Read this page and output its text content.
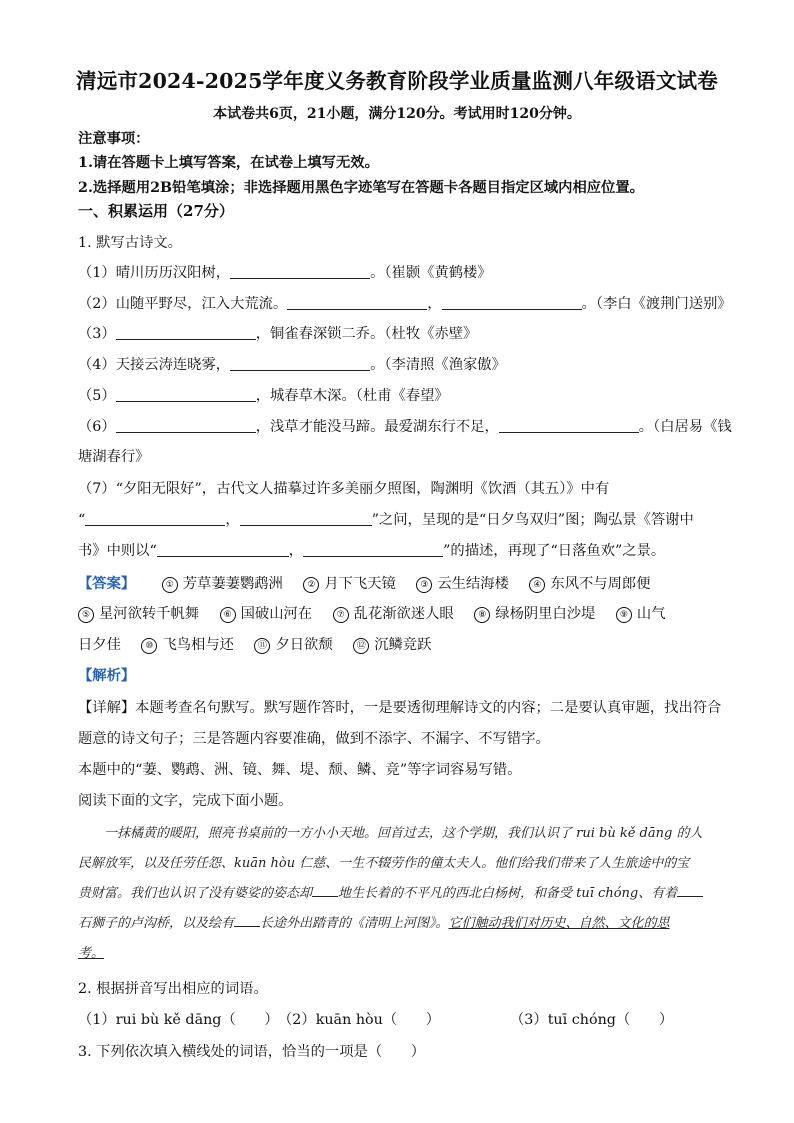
清远市2024-2025学年度义务教育阶段学业质量监测八年级语文试卷
本试卷共6页，21小题，满分120分。考试用时120分钟。
注意事项：
1.请在答题卡上填写答案，在试卷上填写无效。
2.选择题用2B铅笔填涂；非选择题用黑色字迹笔写在答题卡各题目指定区域内相应位置。
一、积累运用（27分）
1. 默写古诗文。
（1）晴川历历汉阳树，	。（崔颢《黄鹤楼》
（2）山随平野尽，江入大荒流。	，	。（李白《渡荆门送别》
（3）	，铜雀春深锁二乔。（杜牧《赤壁》
（4）天接云涛连晓雾，	。（李清照《渔家傲》
（5）	，城春草木深。（杜甫《春望》
（6）	，浅草才能没马蹄。最爱湖东行不足，	。（白居易《钱
塘湖春行》
（7）“夕阳无限好”，古代文人描摹过许多美丽夕照图，陶渊明《饮酒（其五）》中有
“	，	”之问，呈现的是“日夕鸟双归”图；陶弘景《答谢中
书》中则以“	，	”的描述，再现了“日落鱼欢”之景。
【答案】	① 芳草萋萋鹦鹉洲	② 月下飞天镜	③ 云生结海楼	④ 东风不与周郎便
⑤ 星河欲转千帆舞	⑥ 国破山河在	⑦ 乱花渐欲迷人眼	⑧ 绿杨阴里白沙堤	⑨ 山气
日夕佳	⑩ 飞鸟相与还	⑪ 夕日欲颓	⑫ 沉鳞竞跃
【解析】
【详解】本题考查名句默写。默写题作答时，一是要透彻理解诗文的内容；二是要认真审题，找出符合
题意的诗文句子；三是答题内容要准确，做到不添字、不漏字、不写错字。
本题中的“萋、鹦鹉、洲、镜、舞、堤、颓、鳞、竞”等字词容易写错。
阅读下面的文字，完成下面小题。
一抹橘黄的暖阳，照亮书桌前的一方小小天地。回首过去，这个学期，我们认识了 rui bù kě dāng 的人
民解放军，以及任劳任怨、kuān hòu 仁慈、一生不辍劳作的僮太夫人。他们给我们带来了人生旅途中的宝
贵财富。我们也认识了没有婆娑的姿态却 地生长着的不平凡的西北白杨树，和备受 tuī chóng、有着
石狮子的卢沟桥，以及绘有 长途外出踏青的《清明上河图》。它们触动我们对历史、自然、文化的思
考。
2. 根据拼音写出相应的词语。
（1）rui bù kě dāng（　　）（2）kuān hòu（　　）	（3）tuī chóng（　　）
3. 下列依次填入横线处的词语，恰当的一项是（　　）
